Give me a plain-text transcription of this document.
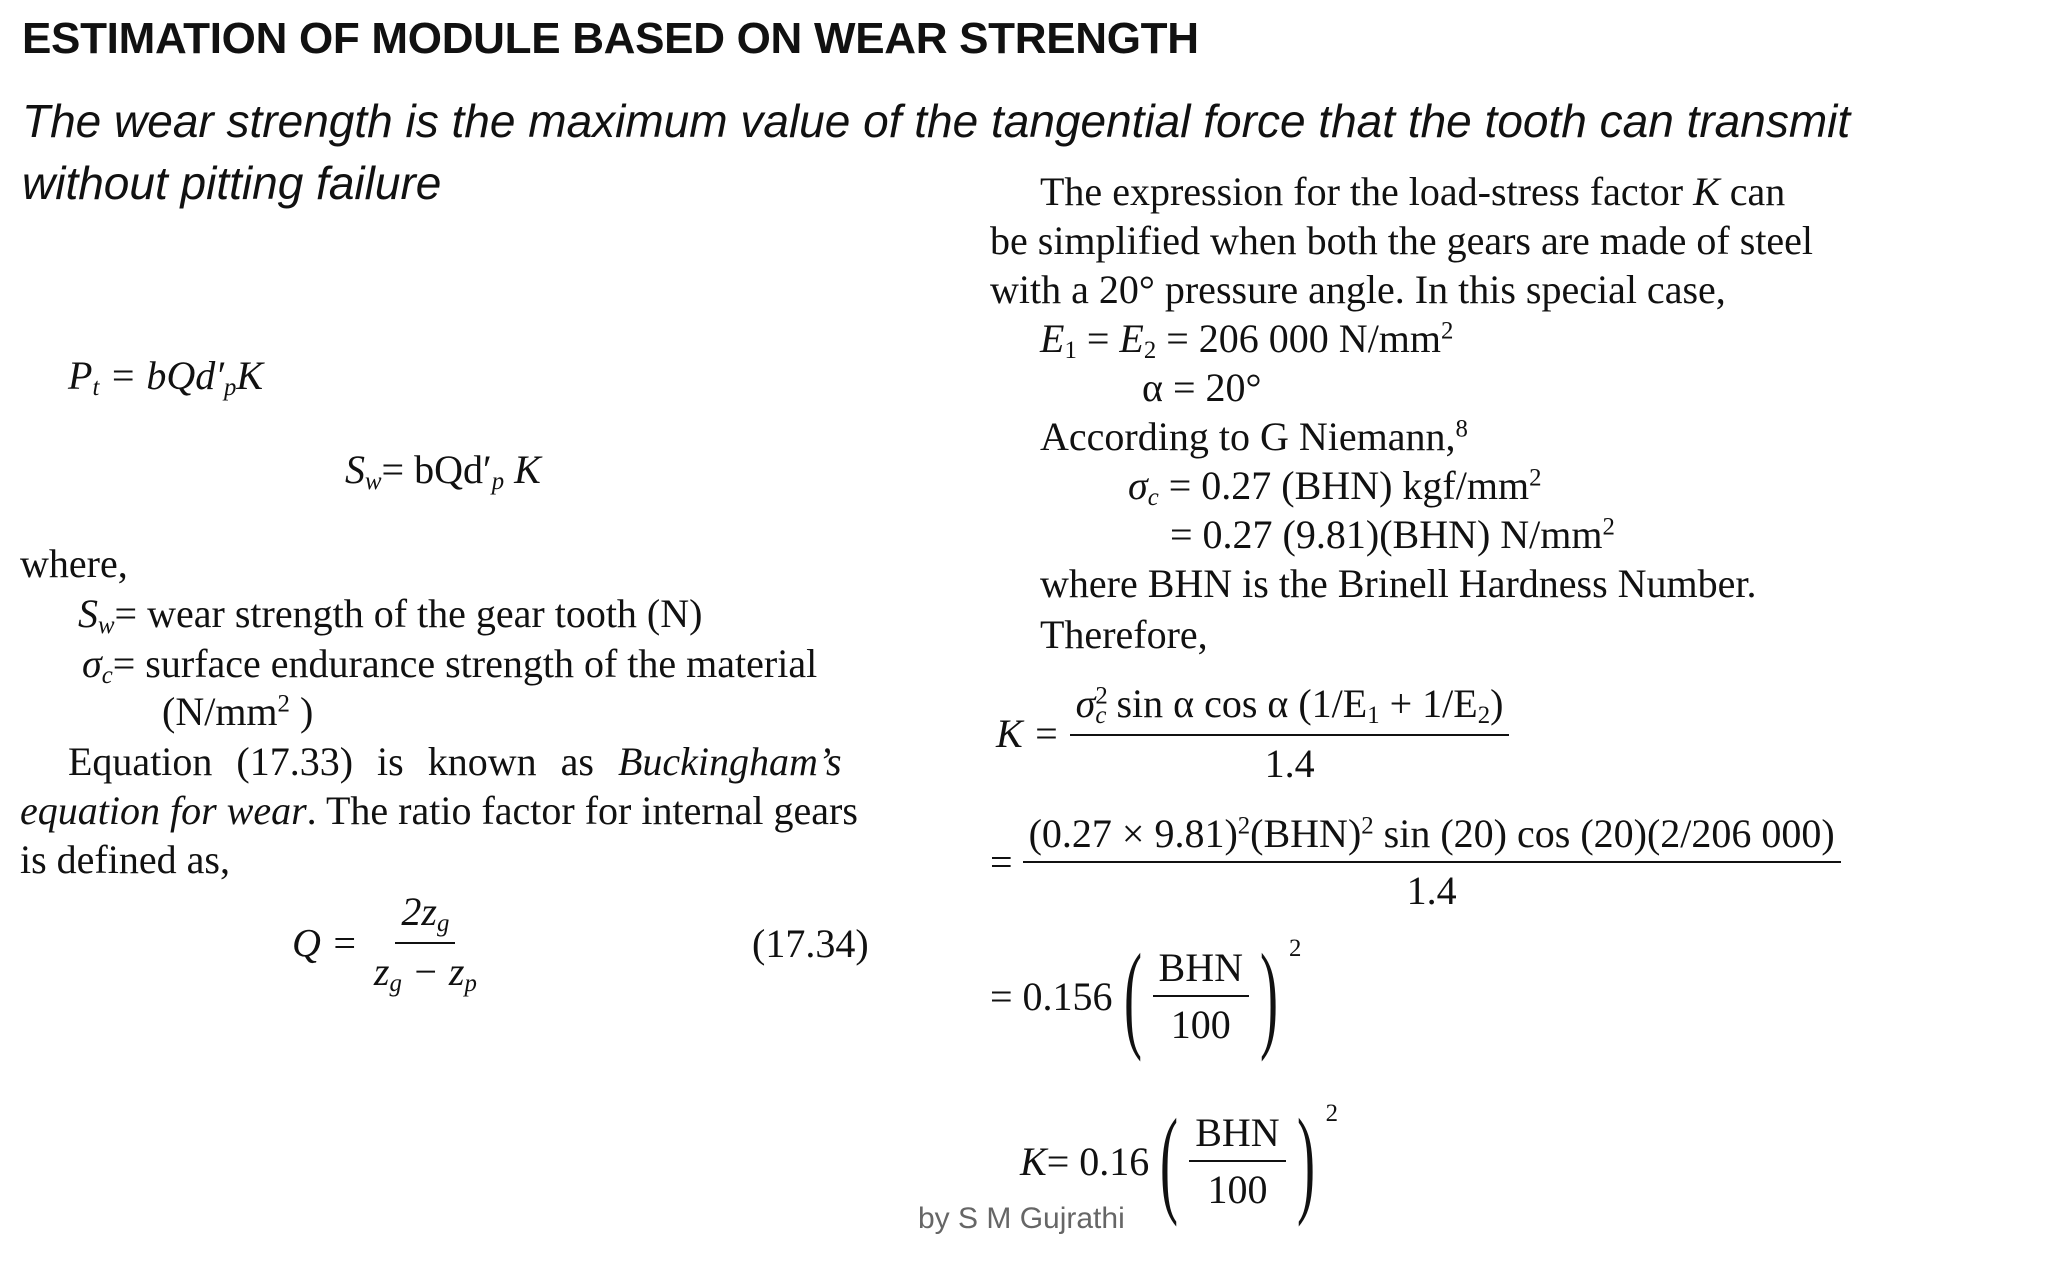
ESTIMATION OF MODULE BASED ON WEAR STRENGTH
The wear strength is the maximum value of the tangential force that the tooth can transmit without pitting failure
$P_t = bQd'_pK$
$S_w= bQd'_p$ K
where,
$S_w=$ wear strength of the gear tooth (N)
$\sigma_c=$ surface endurance strength of the material
($N/mm^2$ )
Equation (17.33) is known as Buckingham’s
equation for wear. The ratio factor for internal gears
is defined as,
$Q = \frac{2z_g}{z_g - z_p}$	(17.34)
The expression for the load-stress factor K can
be simplified when both the gears are made of steel
with a 20° pressure angle. In this special case,
$E_1 = E_2 = 206$ 000 $N/mm^2$
α = 20°
According to G Niemann,$^8$
$\sigma_c = 0.27$ (BHN) kgf/$mm^2$
= 0.27 (9.81)(BHN) $N/mm^2$
where BHN is the Brinell Hardness Number.
Therefore,
$K = \frac{\sigma^2_c \sin \alpha \cos \alpha (1/E_1 + 1/E_2)}{1.4}$
= $\frac{(0.27 \times 9.81)^2(BHN)^2 \sin (20) \cos (20)(2/206 000)}{1.4}$
= $0.156( \frac{\text{BHN}}{100}$ ) $^2$
$K= 0.16( \frac{\text{BHN}}{100}$ ) $^2$
by S M Gujrathi
